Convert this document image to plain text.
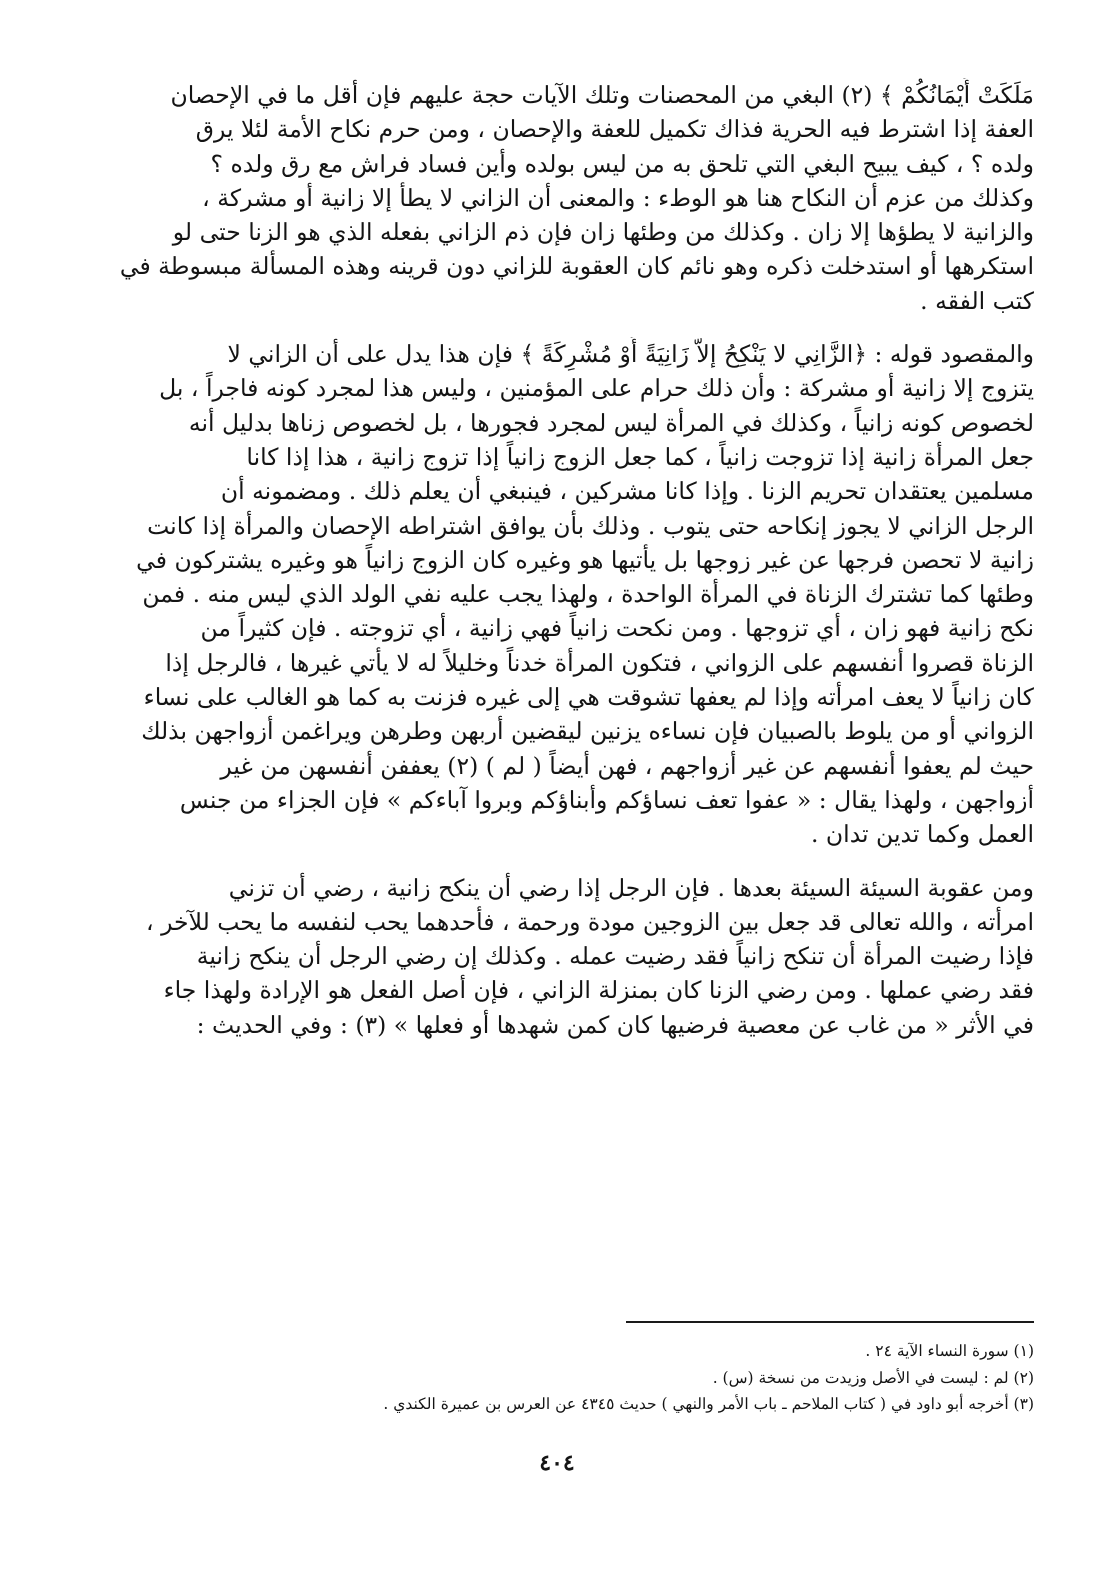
مَلَكَتْ أَيْمَانُكُمْ ﴾ (٢) البغي من المحصنات وتلك الآيات حجة عليهم فإن أقل ما في الإحصان
العفة إذا اشترط فيه الحرية فذاك تكميل للعفة والإحصان ، ومن حرم نكاح الأمة لئلا يرق
ولده ؟ ، كيف يبيح البغي التي تلحق به من ليس بولده وأين فساد فراش مع رق ولده ؟
وكذلك من عزم أن النكاح هنا هو الوطء : والمعنى أن الزاني لا يطأ إلا زانية أو مشركة ،
والزانية لا يطؤها إلا زان . وكذلك من وطئها زان فإن ذم الزاني بفعله الذي هو الزنا حتى لو
استكرهها أو استدخلت ذكره وهو نائم كان العقوبة للزاني دون قرينه وهذه المسألة مبسوطة في
كتب الفقه .

والمقصود قوله : ﴿الزَّانِي لا يَنْكِحُ إلاّ زَانِيَةً أَوْ مُشْرِكَةً ﴾ فإن هذا يدل على أن الزاني لا
يتزوج إلا زانية أو مشركة : وأن ذلك حرام على المؤمنين ، وليس هذا لمجرد كونه فاجراً ، بل
لخصوص كونه زانياً ، وكذلك في المرأة ليس لمجرد فجورها ، بل لخصوص زناها بدليل أنه
جعل المرأة زانية إذا تزوجت زانياً ، كما جعل الزوج زانياً إذا تزوج زانية ، هذا إذا كانا
مسلمين يعتقدان تحريم الزنا . وإذا كانا مشركين ، فينبغي أن يعلم ذلك . ومضمونه أن
الرجل الزاني لا يجوز إنكاحه حتى يتوب . وذلك بأن يوافق اشتراطه الإحصان والمرأة إذا كانت
زانية لا تحصن فرجها عن غير زوجها بل يأتيها هو وغيره كان الزوج زانياً هو وغيره يشتركون في
وطئها كما تشترك الزناة في المرأة الواحدة ، ولهذا يجب عليه نفي الولد الذي ليس منه . فمن
نكح زانية فهو زان ، أي تزوجها . ومن نكحت زانياً فهي زانية ، أي تزوجته . فإن كثيراً من
الزناة قصروا أنفسهم على الزواني ، فتكون المرأة خدناً وخليلاً له لا يأتي غيرها ، فالرجل إذا
كان زانياً لا يعف امرأته وإذا لم يعفها تشوقت هي إلى غيره فزنت به كما هو الغالب على نساء
الزواني أو من يلوط بالصبيان فإن نساءه يزنين ليقضين أربهن وطرهن ويراغمن أزواجهن بذلك
حيث لم يعفوا أنفسهم عن غير أزواجهم ، فهن أيضاً ( لم ) (٢) يعففن أنفسهن من غير
أزواجهن ، ولهذا يقال : « عفوا تعف نساؤكم وأبناؤكم وبروا آباءكم » فإن الجزاء من جنس
العمل وكما تدين تدان .

ومن عقوبة السيئة السيئة بعدها . فإن الرجل إذا رضي أن ينكح زانية ، رضي أن تزني
امرأته ، والله تعالى قد جعل بين الزوجين مودة ورحمة ، فأحدهما يحب لنفسه ما يحب للآخر ،
فإذا رضيت المرأة أن تنكح زانياً فقد رضيت عمله . وكذلك إن رضي الرجل أن ينكح زانية
فقد رضي عملها . ومن رضي الزنا كان بمنزلة الزاني ، فإن أصل الفعل هو الإرادة ولهذا جاء
في الأثر « من غاب عن معصية فرضيها كان كمن شهدها أو فعلها » (٣) : وفي الحديث :

(١) سورة النساء الآية ٢٤ .
(٢) لم : ليست في الأصل وزيدت من نسخة (س) .
(٣) أخرجه أبو داود في ( كتاب الملاحم ـ باب الأمر والنهي ) حديث ٤٣٤٥ عن العرس بن عميرة الكندي .
٤٠٤
